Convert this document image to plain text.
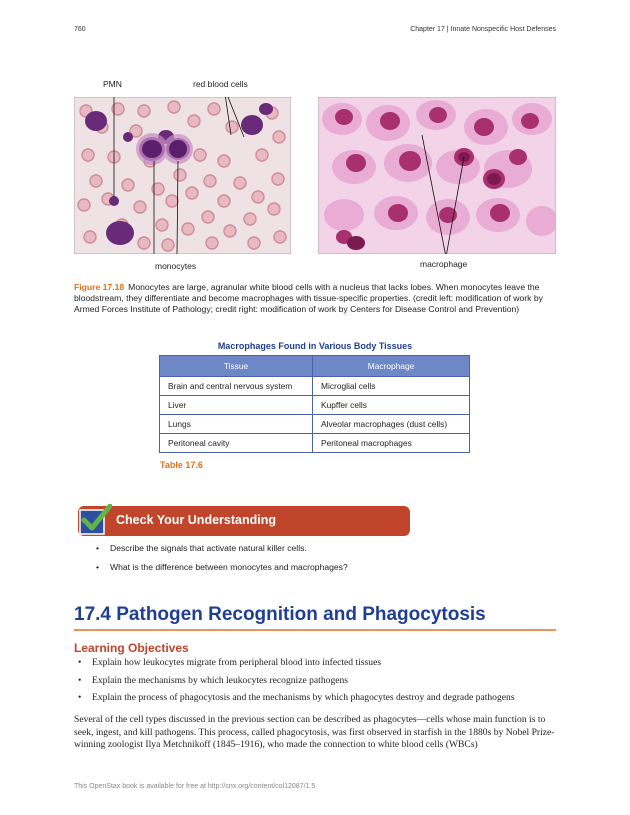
760	Chapter 17 | Innate Nonspecific Host Defenses
PMN	red blood cells
monocytes	macrophage
Figure 17.18 Monocytes are large, agranular white blood cells with a nucleus that lacks lobes. When monocytes leave the bloodstream, they differentiate and become macrophages with tissue-specific properties. (credit left: modification of work by Armed Forces Institute of Pathology; credit right: modification of work by Centers for Disease Control and Prevention)
Macrophages Found in Various Body Tissues
Tissue	Macrophage
Brain and central nervous system	Microglial cells
Liver	Kupffer cells
Lungs	Alveolar macrophages (dust cells)
Peritoneal cavity	Peritoneal macrophages
Table 17.6
Check Your Understanding
• Describe the signals that activate natural killer cells.
• What is the difference between monocytes and macrophages?
17.4 Pathogen Recognition and Phagocytosis
Learning Objectives
• Explain how leukocytes migrate from peripheral blood into infected tissues
• Explain the mechanisms by which leukocytes recognize pathogens
• Explain the process of phagocytosis and the mechanisms by which phagocytes destroy and degrade pathogens
Several of the cell types discussed in the previous section can be described as phagocytes—cells whose main function is to seek, ingest, and kill pathogens. This process, called phagocytosis, was first observed in starfish in the 1880s by Nobel Prize-winning zoologist Ilya Metchnikoff (1845–1916), who made the connection to white blood cells (WBCs)
This OpenStax book is available for free at http://cnx.org/content/col12087/1.5
